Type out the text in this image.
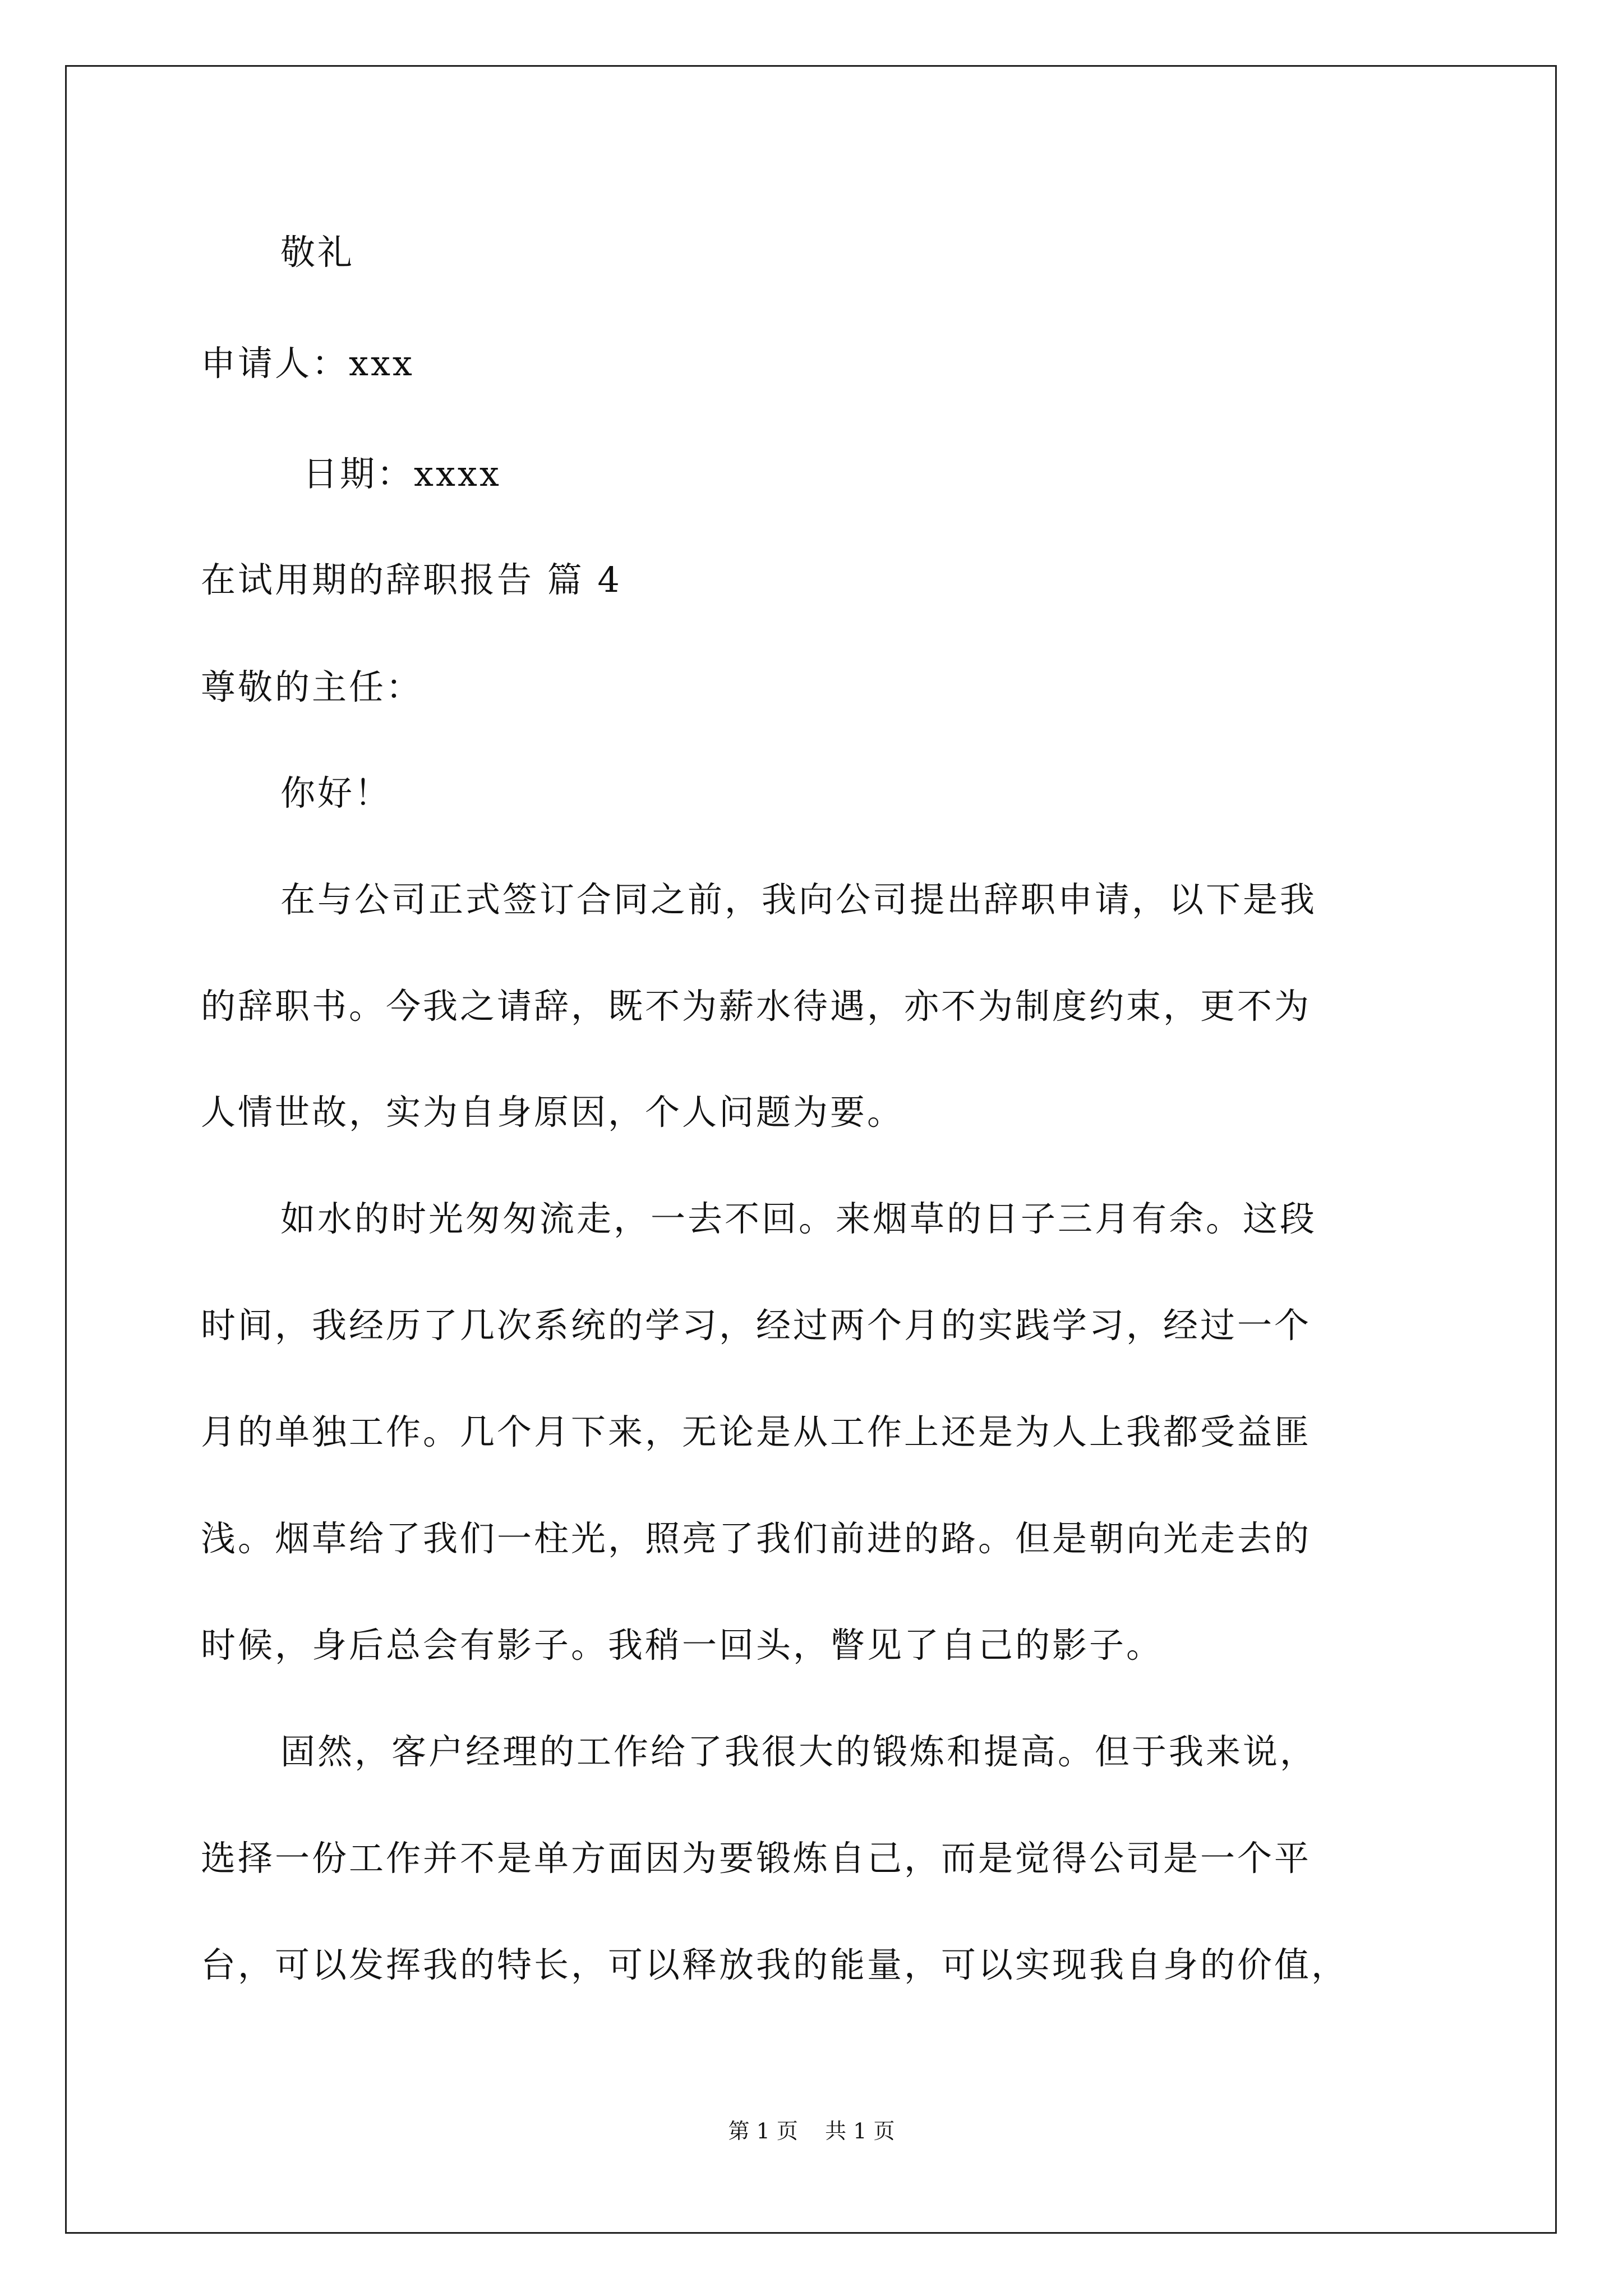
敬礼
申请人：xxx
日期：xxxx
在试用期的辞职报告 篇 4
尊敬的主任：
你好！
在与公司正式签订合同之前，我向公司提出辞职申请，以下是我
的辞职书。今我之请辞，既不为薪水待遇，亦不为制度约束，更不为
人情世故，实为自身原因，个人问题为要。
如水的时光匆匆流走，一去不回。来烟草的日子三月有余。这段
时间，我经历了几次系统的学习，经过两个月的实践学习，经过一个
月的单独工作。几个月下来，无论是从工作上还是为人上我都受益匪
浅。烟草给了我们一柱光，照亮了我们前进的路。但是朝向光走去的
时候，身后总会有影子。我稍一回头，瞥见了自己的影子。
固然，客户经理的工作给了我很大的锻炼和提高。但于我来说，
选择一份工作并不是单方面因为要锻炼自己，而是觉得公司是一个平
台，可以发挥我的特长，可以释放我的能量，可以实现我自身的价值，
第 1 页    共 1 页
